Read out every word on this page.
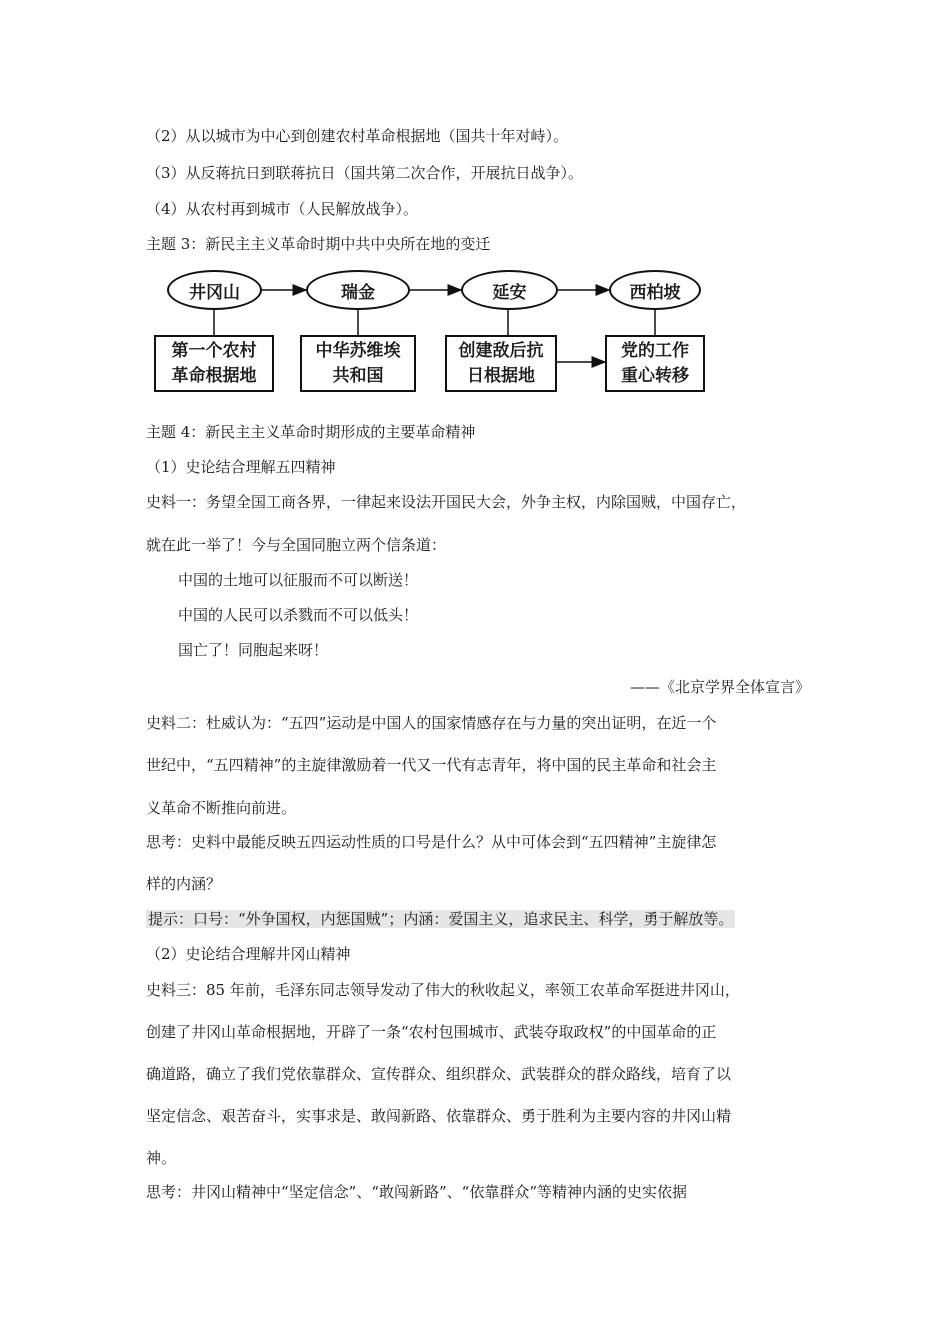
（2）从以城市为中心到创建农村革命根据地（国共十年对峙）。
（3）从反蒋抗日到联蒋抗日（国共第二次合作，开展抗日战争）。
（4）从农村再到城市（人民解放战争）。
主题 3：新民主主义革命时期中共中央所在地的变迁
井冈山	瑞金	延安	西柏坡
第一个农村
革命根据地
中华苏维埃
共和国
创建敌后抗
日根据地
党的工作
重心转移
主题 4：新民主主义革命时期形成的主要革命精神
（1）史论结合理解五四精神
史料一：务望全国工商各界，一律起来设法开国民大会，外争主权，内除国贼，中国存亡，
就在此一举了！今与全国同胞立两个信条道：
中国的土地可以征服而不可以断送！
中国的人民可以杀戮而不可以低头！
国亡了！同胞起来呀！
——《北京学界全体宣言》
史料二：杜威认为：“五四”运动是中国人的国家情感存在与力量的突出证明，在近一个
世纪中，“五四精神”的主旋律激励着一代又一代有志青年，将中国的民主革命和社会主
义革命不断推向前进。
思考：史料中最能反映五四运动性质的口号是什么？从中可体会到“五四精神”主旋律怎
样的内涵？
提示：口号：“外争国权，内惩国贼”；内涵：爱国主义，追求民主、科学，勇于解放等。
（2）史论结合理解井冈山精神
史料三：85 年前，毛泽东同志领导发动了伟大的秋收起义，率领工农革命军挺进井冈山，
创建了井冈山革命根据地，开辟了一条“农村包围城市、武装夺取政权”的中国革命的正
确道路，确立了我们党依靠群众、宣传群众、组织群众、武装群众的群众路线，培育了以
坚定信念、艰苦奋斗，实事求是、敢闯新路、依靠群众、勇于胜利为主要内容的井冈山精
神。
思考：井冈山精神中“坚定信念”、“敢闯新路”、“依靠群众”等精神内涵的史实依据
